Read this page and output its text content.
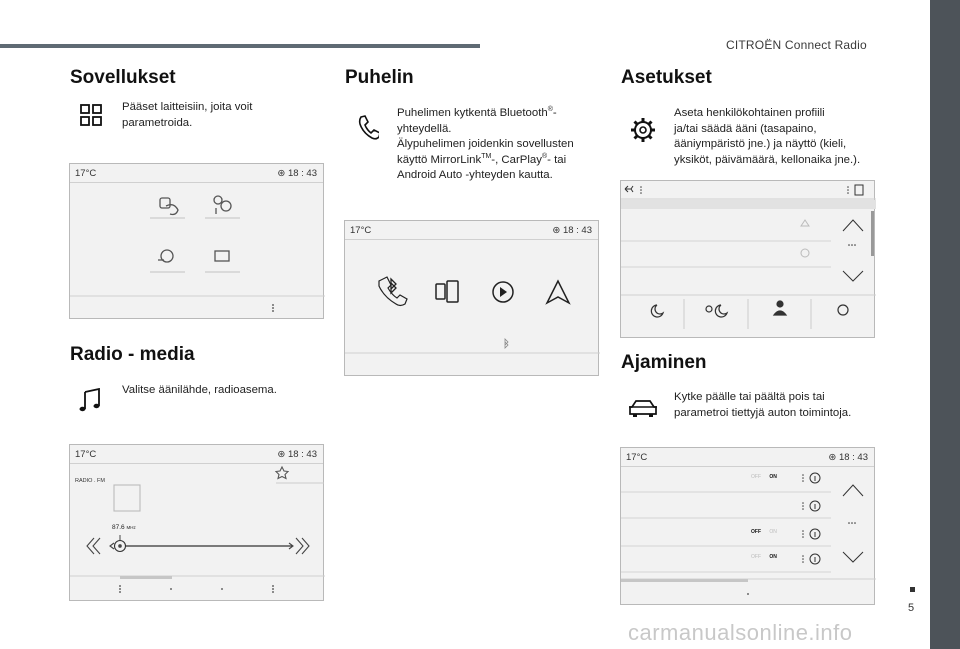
CITROËN Connect Radio
5
Sovellukset
Pääset laitteisiin, joita voit
parametroida.
17°C	⊛ 18 : 43
Radio - media
Valitse äänilähde, radioasema.
17°C	⊛ 18 : 43
RADIO . FM
87.6 MHz
Puhelin
Puhelimen kytkentä Bluetooth®-
yhteydellä.
Älypuhelimen joidenkin sovellusten
käyttö MirrorLink™-, CarPlay®- tai
Android Auto -yhteyden kautta.
17°C	⊛ 18 : 43
Asetukset
Aseta henkilökohtainen profiili
ja/tai säädä ääni (tasapaino,
ääniympäristö jne.) ja näyttö (kieli,
yksiköt, päivämäärä, kellonaika jne.).
Ajaminen
Kytke päälle tai päältä pois tai
parametroi tiettyjä auton toimintoja.
17°C	⊛ 18 : 43
OFF ON
OFF ON
OFF ON
carmanualsonline.info
